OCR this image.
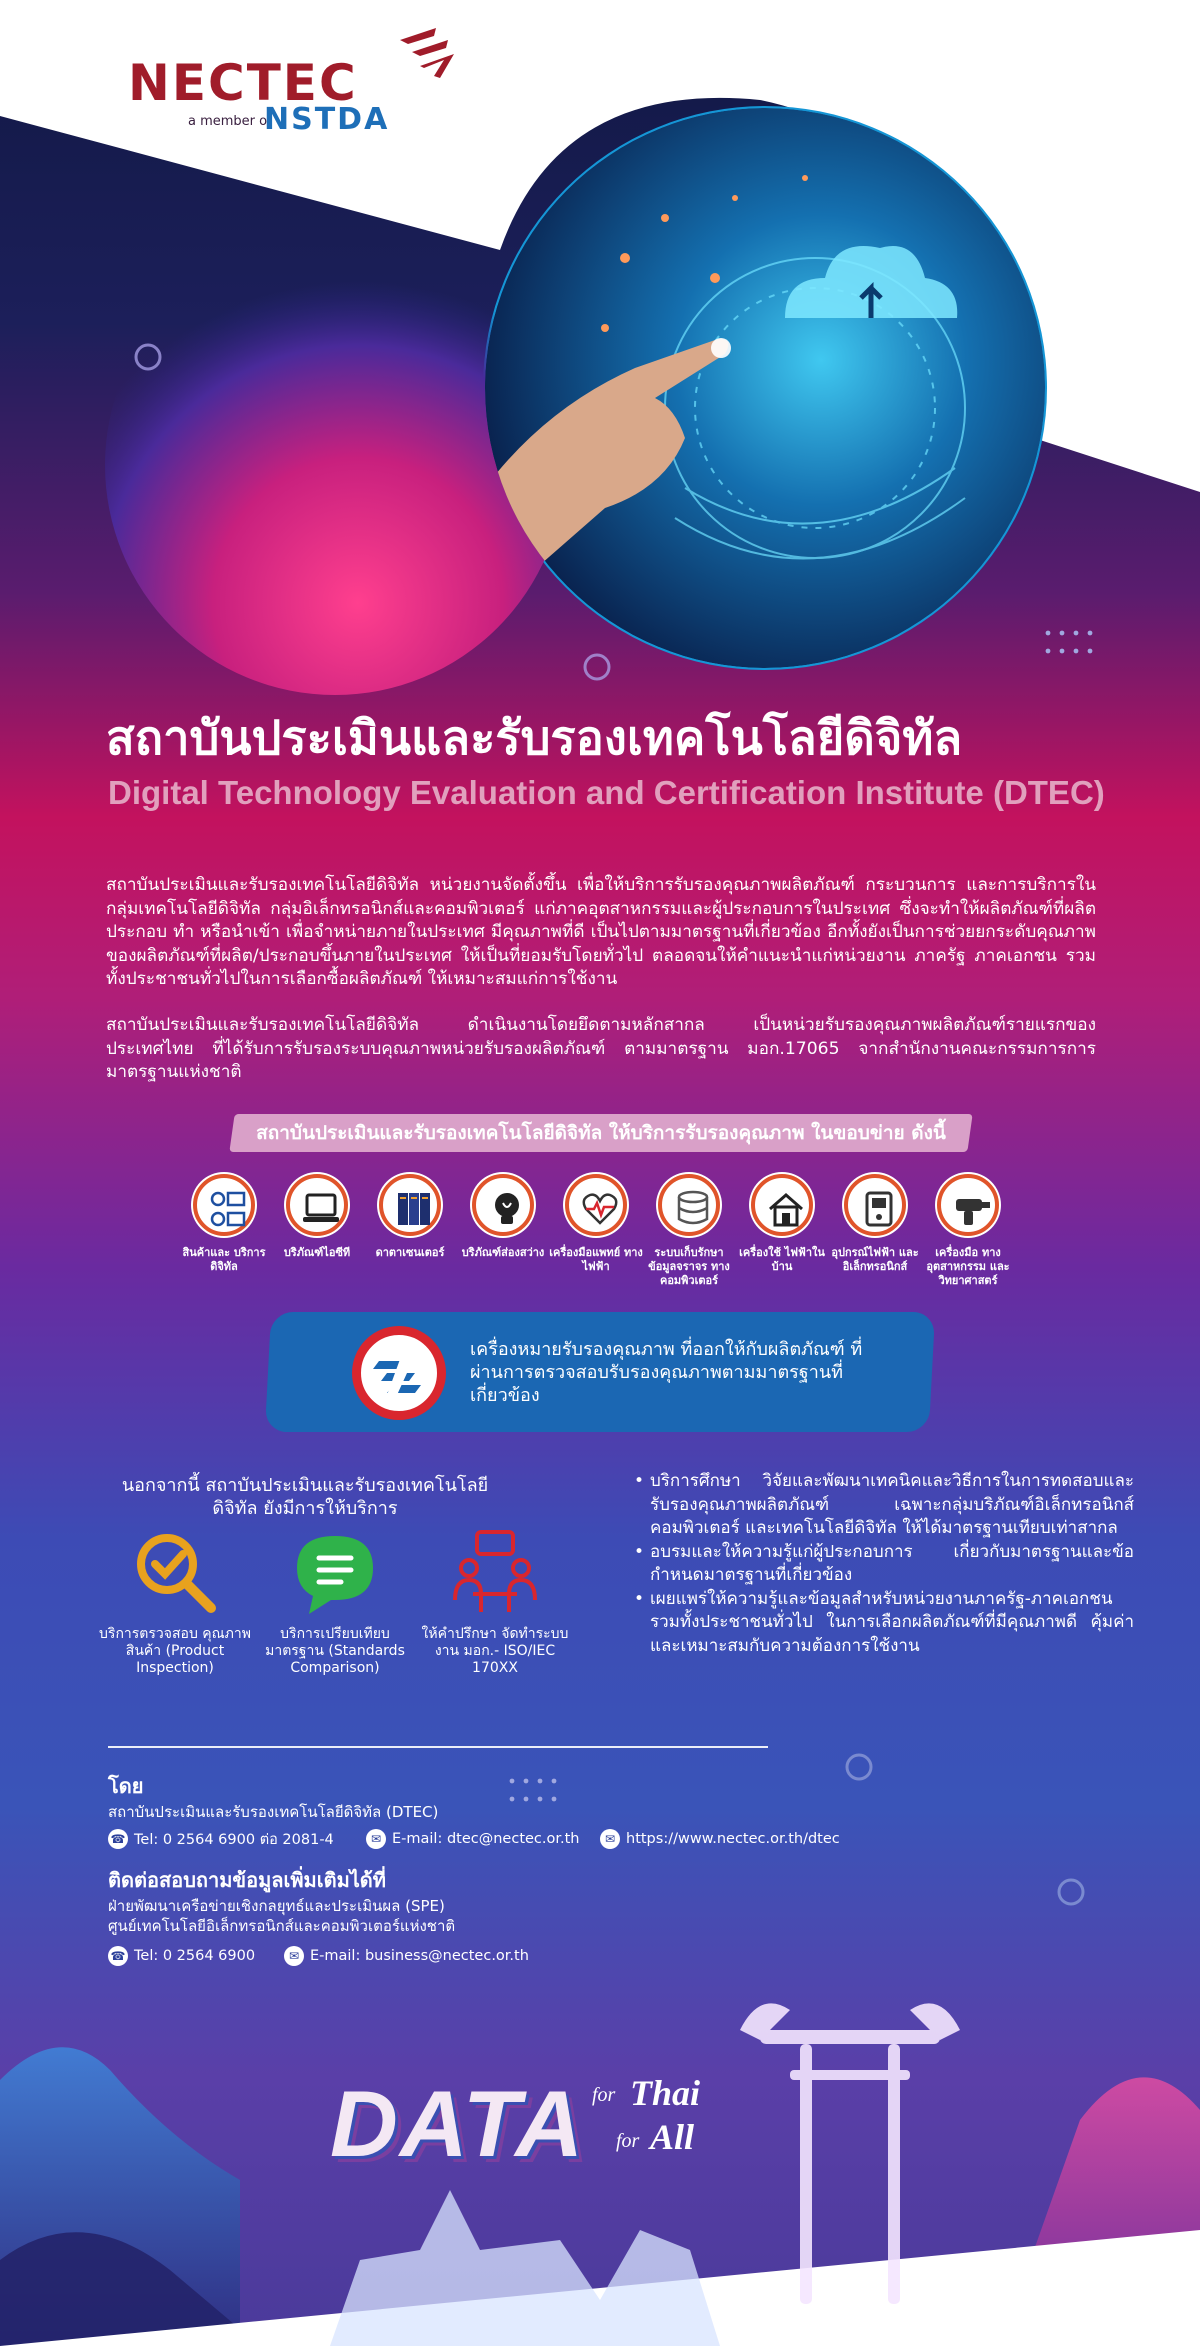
NECTEC
a member of
NSTDA
สถาบันประเมินและรับรองเทคโนโลยีดิจิทัล
Digital Technology Evaluation and Certification Institute (DTEC)

สถาบันประเมินและรับรองเทคโนโลยีดิจิทัล หน่วยงานจัดตั้งขึ้น เพื่อให้บริการรับรองคุณภาพผลิตภัณฑ์ กระบวนการ และการบริการในกลุ่มเทคโนโลยีดิจิทัล กลุ่มอิเล็กทรอนิกส์และคอมพิวเตอร์ แก่ภาคอุตสาหกรรมและผู้ประกอบการในประเทศ ซึ่งจะทำให้ผลิตภัณฑ์ที่ผลิต ประกอบ ทำ หรือนำเข้า เพื่อจำหน่ายภายในประเทศ มีคุณภาพที่ดี เป็นไปตามมาตรฐานที่เกี่ยวข้อง อีกทั้งยังเป็นการช่วยยกระดับคุณภาพของผลิตภัณฑ์ที่ผลิต/ประกอบขึ้นภายในประเทศ ให้เป็นที่ยอมรับโดยทั่วไป ตลอดจนให้คำแนะนำแก่หน่วยงาน ภาครัฐ ภาคเอกชน รวมทั้งประชาชนทั่วไปในการเลือกซื้อผลิตภัณฑ์ ให้เหมาะสมแก่การใช้งาน

สถาบันประเมินและรับรองเทคโนโลยีดิจิทัล ดำเนินงานโดยยึดตามหลักสากล เป็นหน่วยรับรองคุณภาพผลิตภัณฑ์รายแรกของประเทศไทย ที่ได้รับการรับรองระบบคุณภาพหน่วยรับรองผลิตภัณฑ์ ตามมาตรฐาน มอก.17065 จากสำนักงานคณะกรรมการการมาตรฐานแห่งชาติ

สถาบันประเมินและรับรองเทคโนโลยีดิจิทัล ให้บริการรับรองคุณภาพ ในขอบข่าย ดังนี้
สินค้าและ บริการดิจิทัล
บริภัณฑ์ไอซีที	ดาตาเซนเตอร์	บริภัณฑ์ส่องสว่าง เครื่องมือแพทย์ ทางไฟฟ้า
ระบบเก็บรักษา ข้อมูลจราจร ทางคอมพิวเตอร์
เครื่องใช้ ไฟฟ้าในบ้าน
อุปกรณ์ไฟฟ้า และอิเล็กทรอนิกส์
เครื่องมือ ทางอุตสาหกรรม และวิทยาศาสตร์
เครื่องหมายรับรองคุณภาพ ที่ออกให้กับผลิตภัณฑ์ ที่ผ่านการตรวจสอบรับรองคุณภาพตามมาตรฐานที่ เกี่ยวข้อง
นอกจากนี้ สถาบันประเมินและรับรองเทคโนโลยีดิจิทัล ยังมีการให้บริการ
บริการตรวจสอบ คุณภาพสินค้า (Product Inspection)
บริการเปรียบเทียบ มาตรฐาน (Standards Comparison)
ให้คำปรึกษา จัดทำระบบงาน มอก.- ISO/IEC 170XX
• บริการศึกษา วิจัยและพัฒนาเทคนิคและวิธีการในการทดสอบและรับรองคุณภาพผลิตภัณฑ์ เฉพาะกลุ่มบริภัณฑ์อิเล็กทรอนิกส์ คอมพิวเตอร์ และเทคโนโลยีดิจิทัล ให้ได้มาตรฐานเทียบเท่าสากล
• อบรมและให้ความรู้แก่ผู้ประกอบการ เกี่ยวกับมาตรฐานและข้อกำหนดมาตรฐานที่เกี่ยวข้อง
• เผยแพร่ให้ความรู้และข้อมูลสำหรับหน่วยงานภาครัฐ-ภาคเอกชน รวมทั้งประชาชนทั่วไป ในการเลือกผลิตภัณฑ์ที่มีคุณภาพดี คุ้มค่า และเหมาะสมกับความต้องการใช้งาน
โดย
สถาบันประเมินและรับรองเทคโนโลยีดิจิทัล (DTEC)
☎ Tel: 0 2564 6900 ต่อ 2081-4	✉ E-mail: dtec@nectec.or.th	✉ https://www.nectec.or.th/dtec
ติดต่อสอบถามข้อมูลเพิ่มเติมได้ที่
ฝ่ายพัฒนาเครือข่ายเชิงกลยุทธ์และประเมินผล (SPE)
ศูนย์เทคโนโลยีอิเล็กทรอนิกส์และคอมพิวเตอร์แห่งชาติ
☎ Tel: 0 2564 6900	✉ E-mail: business@nectec.or.th
DATA for Thai
for All
